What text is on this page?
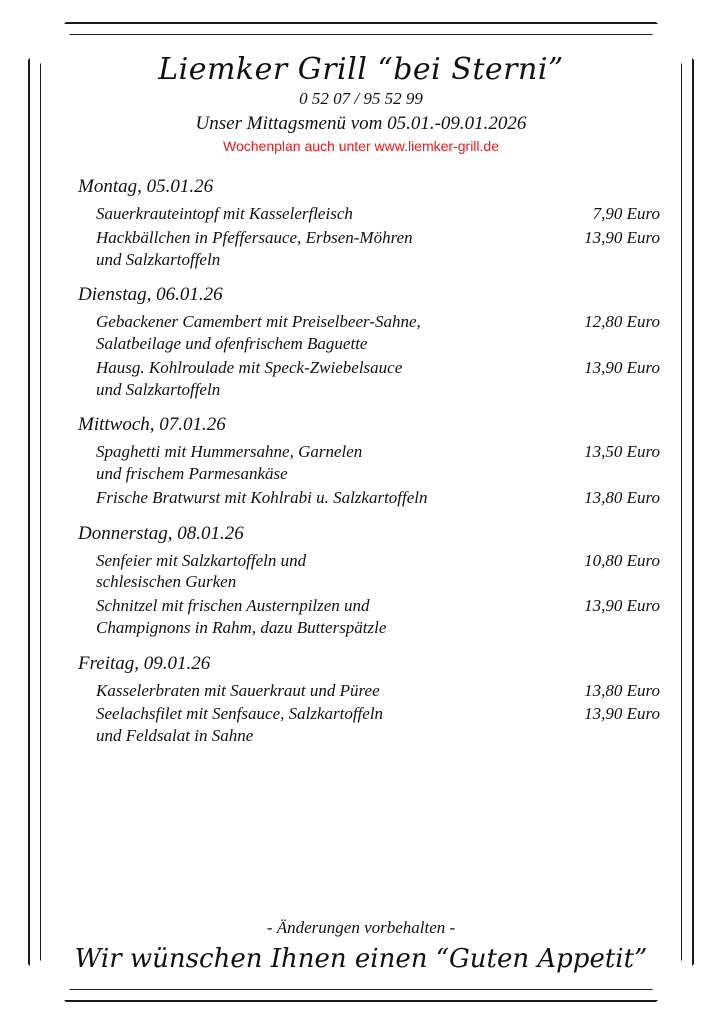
Liemker Grill “bei Sterni”
0 52 07 / 95 52 99
Unser Mittagsmenü vom 05.01.-09.01.2026
Wochenplan auch unter www.liemker-grill.de
Montag, 05.01.26
Sauerkrauteintopf mit Kasselerfleisch	7,90 Euro
Hackbällchen in Pfeffersauce, Erbsen-Möhren
und Salzkartoffeln
13,90 Euro
Dienstag, 06.01.26
Gebackener Camembert mit Preiselbeer-Sahne,
Salatbeilage und ofenfrischem Baguette
12,80 Euro
Hausg. Kohlroulade mit Speck-Zwiebelsauce
und Salzkartoffeln
13,90 Euro
Mittwoch, 07.01.26
Spaghetti mit Hummersahne, Garnelen
und frischem Parmesankäse
13,50 Euro
Frische Bratwurst mit Kohlrabi u. Salzkartoffeln	13,80 Euro
Donnerstag, 08.01.26
Senfeier mit Salzkartoffeln und
schlesischen Gurken
10,80 Euro
Schnitzel mit frischen Austernpilzen und
Champignons in Rahm, dazu Butterspätzle
13,90 Euro
Freitag, 09.01.26
Kasselerbraten mit Sauerkraut und Püree	13,80 Euro
Seelachsfilet mit Senfsauce, Salzkartoffeln
und Feldsalat in Sahne
13,90 Euro
- Änderungen vorbehalten -
Wir wünschen Ihnen einen “Guten Appetit”
